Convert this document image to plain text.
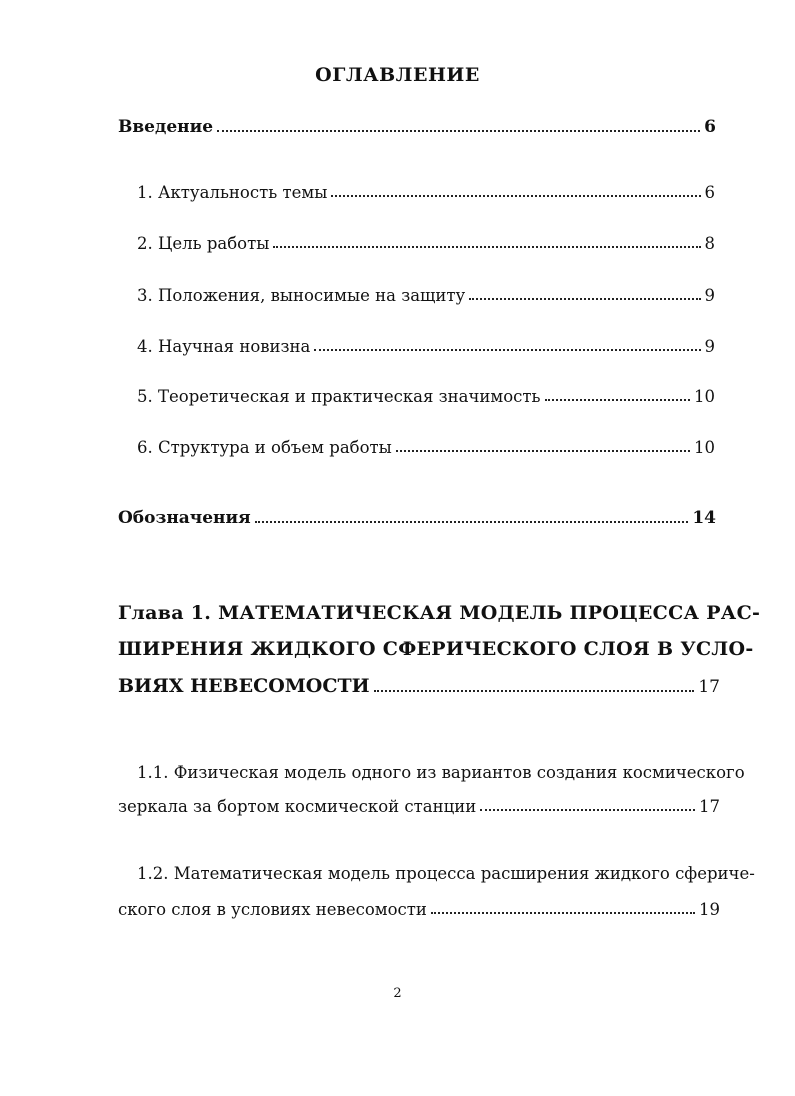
ОГЛАВЛЕНИЕ
Введение	6
1. Актуальность темы	6
2. Цель работы	8
3. Положения, выносимые на защиту	9
4. Научная новизна	9
5. Теоретическая и практическая значимость	10
6. Структура и объем работы	10
Обозначения	14
Глава 1. МАТЕМАТИЧЕСКАЯ МОДЕЛЬ ПРОЦЕССА РАС-
ШИРЕНИЯ ЖИДКОГО СФЕРИЧЕСКОГО СЛОЯ В УСЛО-
ВИЯХ НЕВЕСОМОСТИ	17
1.1. Физическая модель одного из вариантов создания космического
зеркала за бортом космической станции	17
1.2. Математическая модель процесса расширения жидкого сфериче-
ского слоя в условиях невесомости	19
2
